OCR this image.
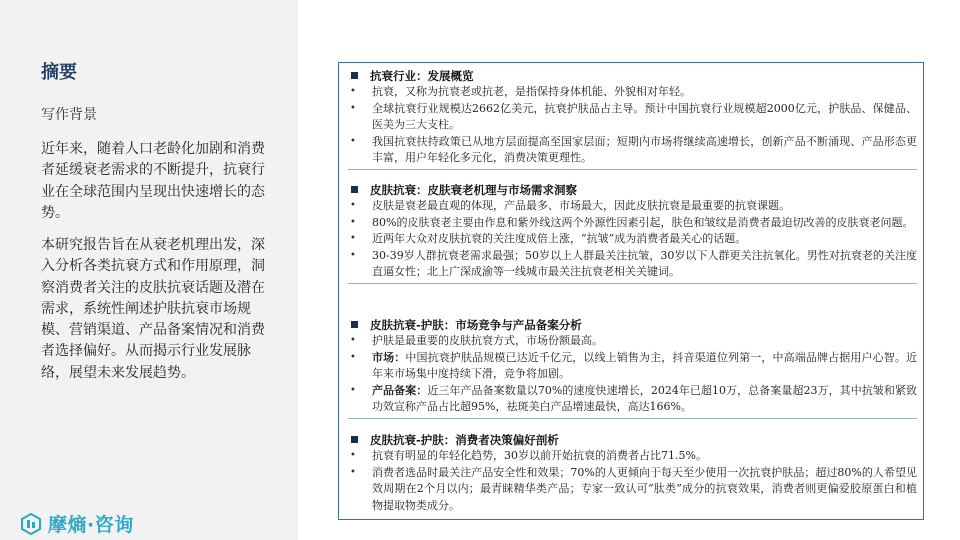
摘要
写作背景

近年来，随着人口老龄化加剧和消费者延缓衰老需求的不断提升，抗衰行业在全球范围内呈现出快速增长的态势。

本研究报告旨在从衰老机理出发，深入分析各类抗衰方式和作用原理，洞察消费者关注的皮肤抗衰话题及潜在需求，系统性阐述护肤抗衰市场规模、营销渠道、产品备案情况和消费者选择偏好。从而揭示行业发展脉络，展望未来发展趋势。

摩熵·咨询
抗衰行业：发展概览

• 抗衰，又称为抗衰老或抗老，是指保持身体机能、外貌相对年轻。

• 全球抗衰行业规模达2662亿美元，抗衰护肤品占主导。预计中国抗衰行业规模超2000亿元，护肤品、保健品、医美为三大支柱。

• 我国抗衰扶持政策已从地方层面提高至国家层面；短期内市场将继续高速增长，创新产品不断涌现、产品形态更丰富，用户年轻化多元化，消费决策更理性。

皮肤抗衰：皮肤衰老机理与市场需求洞察

• 皮肤是衰老最直观的体现，产品最多、市场最大，因此皮肤抗衰是最重要的抗衰课题。

• 80%的皮肤衰老主要由作息和紫外线这两个外源性因素引起，肤色和皱纹是消费者最迫切改善的皮肤衰老问题。

• 近两年大众对皮肤抗衰的关注度成倍上涨，“抗皱”成为消费者最关心的话题。

• 30-39岁人群抗衰老需求最强；50岁以上人群最关注抗皱，30岁以下人群更关注抗氧化。男性对抗衰老的关注度直逼女性；北上广深成渝等一线城市最关注抗衰老相关关键词。

皮肤抗衰-护肤：市场竞争与产品备案分析

• 护肤是最重要的皮肤抗衰方式，市场份额最高。

• 市场：中国抗衰护肤品规模已达近千亿元，以线上销售为主，抖音渠道位列第一，中高端品牌占据用户心智。近年来市场集中度持续下滑，竞争将加剧。

• 产品备案：近三年产品备案数量以70%的速度快速增长，2024年已超10万，总备案量超23万，其中抗皱和紧致功效宣称产品占比超95%，祛斑美白产品增速最快，高达166%。

皮肤抗衰-护肤：消费者决策偏好剖析

• 抗衰有明显的年轻化趋势，30岁以前开始抗衰的消费者占比71.5%。

• 消费者选品时最关注产品安全性和效果；70%的人更倾向于每天至少使用一次抗衰护肤品；超过80%的人希望见效周期在2个月以内；最青睐精华类产品；专家一致认可“肽类”成分的抗衰效果，消费者则更偏爱胶原蛋白和植物提取物类成分。
